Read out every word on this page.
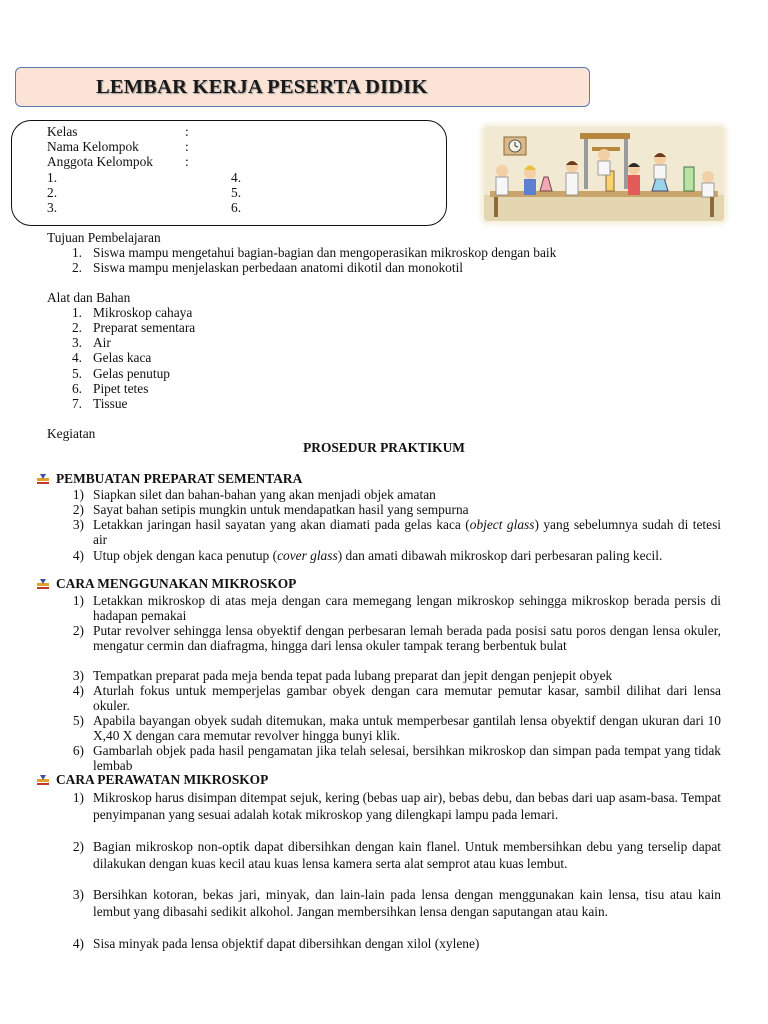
LEMBAR KERJA PESERTA DIDIK
Kelas	:
Nama Kelompok	:
Anggota Kelompok :
1.
2.
3.
4.
5.
6.
Tujuan Pembelajaran
1. Siswa mampu mengetahui bagian-bagian dan mengoperasikan mikroskop dengan baik
2. Siswa mampu menjelaskan perbedaan anatomi dikotil dan monokotil
Alat dan Bahan
1. Mikroskop cahaya
2. Preparat sementara
3. Air
4. Gelas kaca
5. Gelas penutup
6. Pipet tetes
7. Tissue
Kegiatan
PROSEDUR PRAKTIKUM
PEMBUATAN PREPARAT SEMENTARA
1) Siapkan silet dan bahan-bahan yang akan menjadi objek amatan
2) Sayat bahan setipis mungkin untuk mendapatkan hasil yang sempurna
3) Letakkan jaringan hasil sayatan yang akan diamati pada gelas kaca (object glass) yang sebelumnya sudah di tetesi air
4) Utup objek dengan kaca penutup (cover glass) dan amati dibawah mikroskop dari perbesaran paling kecil.
CARA MENGGUNAKAN MIKROSKOP
1) Letakkan mikroskop di atas meja dengan cara memegang lengan mikroskop sehingga mikroskop berada persis di hadapan pemakai
2) Putar revolver sehingga lensa obyektif dengan perbesaran lemah berada pada posisi satu poros dengan lensa okuler, mengatur cermin dan diafragma, hingga dari lensa okuler tampak terang berbentuk bulat
3) Tempatkan preparat pada meja benda tepat pada lubang preparat dan jepit dengan penjepit obyek
4) Aturlah fokus untuk memperjelas gambar obyek dengan cara memutar pemutar kasar, sambil dilihat dari lensa okuler.
5) Apabila bayangan obyek sudah ditemukan, maka untuk memperbesar gantilah lensa obyektif dengan ukuran dari 10 X,40 X dengan cara memutar revolver hingga bunyi klik.
6) Gambarlah objek pada hasil pengamatan jika telah selesai, bersihkan mikroskop dan simpan pada tempat yang tidak lembab
CARA PERAWATAN MIKROSKOP
1) Mikroskop harus disimpan ditempat sejuk, kering (bebas uap air), bebas debu, dan bebas dari uap asam-basa. Tempat penyimpanan yang sesuai adalah kotak mikroskop yang dilengkapi lampu pada lemari.
2) Bagian mikroskop non-optik dapat dibersihkan dengan kain flanel. Untuk membersihkan debu yang terselip dapat dilakukan dengan kuas kecil atau kuas lensa kamera serta alat semprot atau kuas lembut.
3) Bersihkan kotoran, bekas jari, minyak, dan lain-lain pada lensa dengan menggunakan kain lensa, tisu atau kain lembut yang dibasahi sedikit alkohol. Jangan membersihkan lensa dengan saputangan atau kain.
4) Sisa minyak pada lensa objektif dapat dibersihkan dengan xilol (xylene)
